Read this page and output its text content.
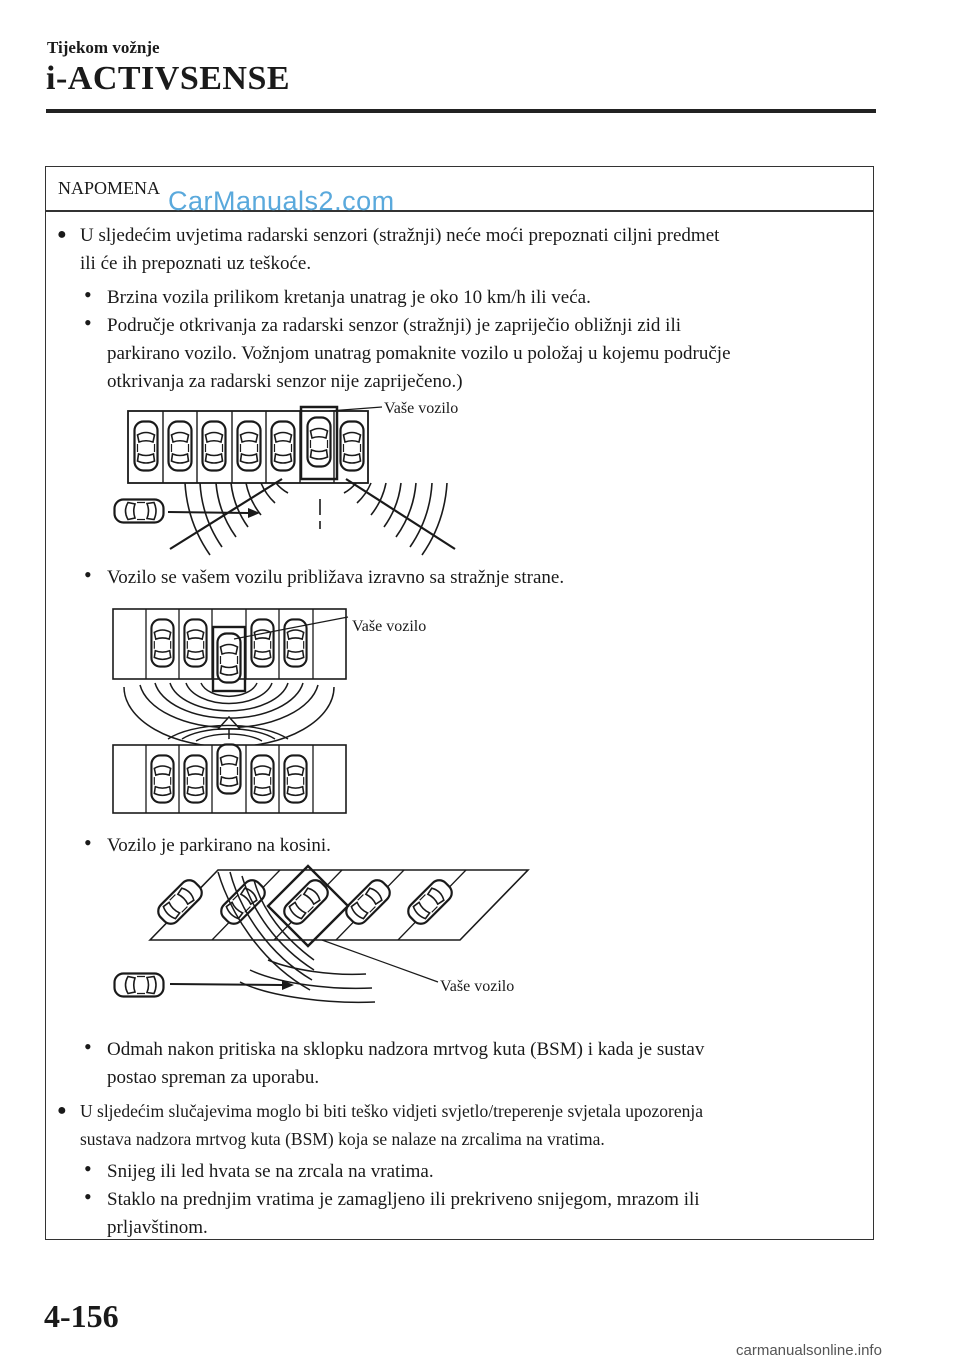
Tijekom vožnje
i-ACTIVSENSE
NAPOMENA CarManuals2.com
● U sljedećim uvjetima radarski senzori (stražnji) neće moći prepoznati ciljni predmet
ili će ih prepoznati uz teškoće.
• Brzina vozila prilikom kretanja unatrag je oko 10 km/h ili veća.
• Područje otkrivanja za radarski senzor (stražnji) je zapriječio obližnji zid ili
parkirano vozilo. Vožnjom unatrag pomaknite vozilo u položaj u kojemu područje
otkrivanja za radarski senzor nije zapriječeno.)
Vaše vozilo
• Vozilo se vašem vozilu približava izravno sa stražnje strane.
Vaše vozilo
• Vozilo je parkirano na kosini.
Vaše vozilo
• Odmah nakon pritiska na sklopku nadzora mrtvog kuta (BSM) i kada je sustav
postao spreman za uporabu.
● U sljedećim slučajevima moglo bi biti teško vidjeti svjetlo/treperenje svjetala upozorenja
sustava nadzora mrtvog kuta (BSM) koja se nalaze na zrcalima na vratima.
• Snijeg ili led hvata se na zrcala na vratima.
• Staklo na prednjim vratima je zamagljeno ili prekriveno snijegom, mrazom ili
prljavštinom.
4-156
carmanualsonline.info
